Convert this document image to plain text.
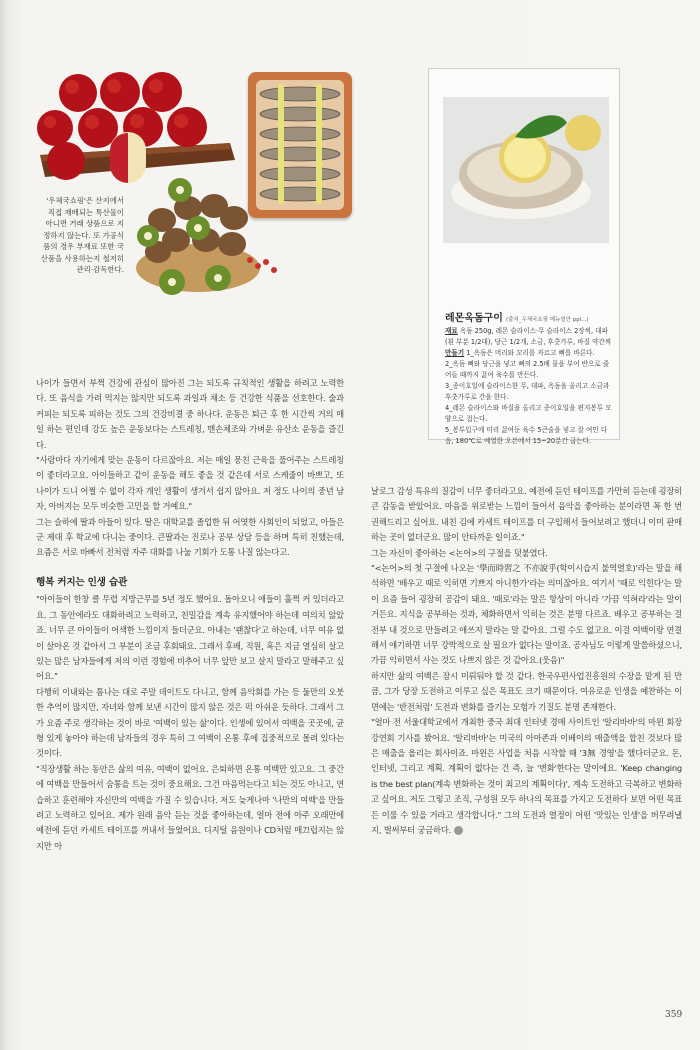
'우체국쇼핑'은 산지에서 직접 재배되는 특산물이 아니면 거래 상품으로 지정하지 않는다. 또 가공식품의 경우 부재료 또한 국산품을 사용하는지 철저히 관리·감독한다.
레몬옥돔구이 (출처_우체국쇼핑 메뉴얼안 ppl...)

재료 옥돔 250g, 레몬 슬라이스·무 슬라이스 2장씩, 대파(흰 부분 1/2대), 당근 1/2개, 소금, 후춧가루, 바질 약간씩

만들기 1_옥돔은 머리와 꼬리를 자르고 뼈를 바른다.

2_옥돔 뼈와 당근을 넣고 뼈의 2.5배 물을 부어 반으로 줄어들 때까지 끓여 육수를 만든다.

3_종이호일에 슬라이스한 무, 대파, 옥돔을 올리고 소금과 후춧가루로 간을 한다.

4_레몬 슬라이스와 바질을 올리고 종이호일을 편지봉투 모양으로 접는다.

5_봉투입구에 미리 끓여둔 육수 5큰술을 넣고 잘 여민 다음, 180℃로 예열한 오븐에서 15~20분간 굽는다.

나이가 들면서 부쩍 건강에 관심이 많아진 그는 되도록 규칙적인 생활을 하려고 노력한다. 또 음식을 가려 먹지는 않지만 되도록 과일과 채소 등 건강한 식품을 선호한다. 술과 커피는 되도록 피하는 것도 그의 건강비결 중 하나다. 운동은 퇴근 후 한 시간씩 거의 매일 하는 편인데 강도 높은 운동보다는 스트레칭, 맨손체조와 가벼운 유산소 운동을 즐긴다.

"사람마다 자기에게 맞는 운동이 다르잖아요. 저는 매일 뭉친 근육을 풀어주는 스트레칭이 좋더라고요. 아이들하고 같이 운동을 해도 좋을 것 같은데 서로 스케줄이 바쁘고, 또 나이가 드니 어쩔 수 없이 각자 개인 생활이 생겨서 쉽지 않아요. 저 정도 나이의 중년 남자, 아버지는 모두 비슷한 고민을 할 거예요."

그는 슬하에 딸과 아들이 있다. 딸은 대학교를 졸업한 뒤 어엿한 사회인이 되었고, 아들은 군 제대 후 학교에 다니는 중이다. 큰딸과는 진로나 공부 상담 등을 하며 특히 친했는데, 요즘은 서로 바빠서 전처럼 자주 대화를 나눌 기회가 도통 나질 않는다고.

행복 커지는 인생 습관

"아이들이 한창 클 무렵 지방근무를 5년 정도 했어요. 돌아오니 애들이 훌쩍 커 있더라고요. 그 동안에라도 대화하려고 노력하고, 친밀감을 계속 유지했어야 하는데 여의치 않았죠. 너무 큰 아이들이 어색한 느낌이지 들더군요. 아내는 '괜찮다'고 하는데, 너무 여유 없이 살아온 것 같아서 그 부분이 조금 후회돼요. 그래서 후배, 직원, 혹은 지금 열심히 살고 있는 많은 남자들에게 저의 이런 경험에 비추어 너무 앞만 보고 살지 말라고 말해주고 싶어요."

다행히 이내와는 틈나는 대로 주말 데이트도 다니고, 함께 음악회를 가는 등 둘만의 오붓한 추억이 많지만, 자녀와 함께 보낸 시간이 많지 않은 것은 퍽 아쉬운 듯하다. 그래서 그가 요즘 주로 생각하는 것이 바로 '여백이 있는 삶'이다. 인생에 있어서 여백을 곳곳에, 균형 있게 놓아야 하는데 남자들의 경우 특히 그 여백이 온통 후에 집중적으로 몰려 있다는 것이다.

"직장생활 하는 동안은 삶의 여유, 여백이 없어요. 은퇴하면 온통 여백만 있고요. 그 중간에 여백을 만들어서 숨통을 트는 것이 중요해요. 그건 마음먹는다고 되는 것도 아니고, 연습하고 훈련해야 자신만의 여백을 가질 수 있습니다. 저도 늦게나마 '나만의 여백'을 만들려고 노력하고 있어요. 제가 원래 음악 듣는 것을 좋아하는데, 얼마 전에 아주 오래만에 예전에 듣던 카세트 테이프를 꺼내서 들었어요. 디지털 음원이나 CD처럼 매끄럽지는 않지만 아

날로그 감성 특유의 질감이 너무 좋더라고요. 예전에 듣던 테이프를 가만히 듣는데 굉장히 큰 감동을 받았어요. 마음을 위로받는 느낌이 들어서 음악을 좋아하는 분이라면 꼭 한 번 권해드리고 싶어요. 내친 김에 카세트 테이프를 더 구입해서 들어보려고 했더니 이미 판매하는 곳이 없더군요. 많이 안타까운 일이죠."

그는 자신이 좋아하는 <논어>의 구절을 덧붙였다.

"<논어>의 첫 구절에 나오는 '學而時習之 不亦說乎(학이시습지 불역열호)'라는 말을 해석하면 '배우고 때로 익히면 기쁘지 아니한가'라는 의미잖아요. 여기서 '때로 익힌다'는 말이 요즘 들어 굉장히 공감이 돼요. '때로'라는 말은 항상이 아니라 '가끔 익혀라'라는 말이거든요. 지식을 공부하는 것과, 체화하면서 익히는 것은 분명 다르죠. 배우고 공부하는 걸 전부 내 것으로 만들려고 애쓰지 말라는 말 같아요. 그럴 수도 없고요. 이걸 여백이랑 연결해서 얘기하면 너무 강박적으로 살 필요가 없다는 말이죠. 공자님도 이렇게 말씀하셨으니, 가끔 익히면서 사는 것도 나쁘지 않은 것 같아요.(웃음)"

하지만 삶의 여백은 잠시 미뤄둬야 할 것 같다. 한국우편사업진흥원의 수장을 맡게 된 만큼, 그가 당장 도전하고 이루고 싶은 목표도 크기 때문이다. 여유로운 인생을 예찬하는 이면에는 '반전처럼' 도전과 변화를 즐기는 모험가 기질도 분명 존재한다.

"얼마 전 서울대학교에서 개최한 중국 최대 인터넷 경매 사이트인 '알리바바'의 마윈 회장 강연회 기사를 봤어요. '알리바바'는 미국의 아마존과 이베이의 매출액을 합친 것보다 많은 매출을 올리는 회사이죠. 마윈은 사업을 처음 시작할 때 '3無 경영'을 했다더군요. 돈, 인터넷, 그리고 계획. 계획이 없다는 건 즉, 늘 '변화'한다는 말이에요. 'Keep changing is the best plan(계속 변화하는 것이 최고의 계획이다)', 계속 도전하고 극복하고 변화하고 싶어요. 저도 그렇고 조직, 구성원 모두 하나의 목표를 가지고 도전하다 보면 어떤 목표든 이룰 수 있을 거라고 생각합니다." 그의 도전과 열정이 어떤 '맛있는 인생'을 버무려낼지, 벌써부터 궁금하다.

359
